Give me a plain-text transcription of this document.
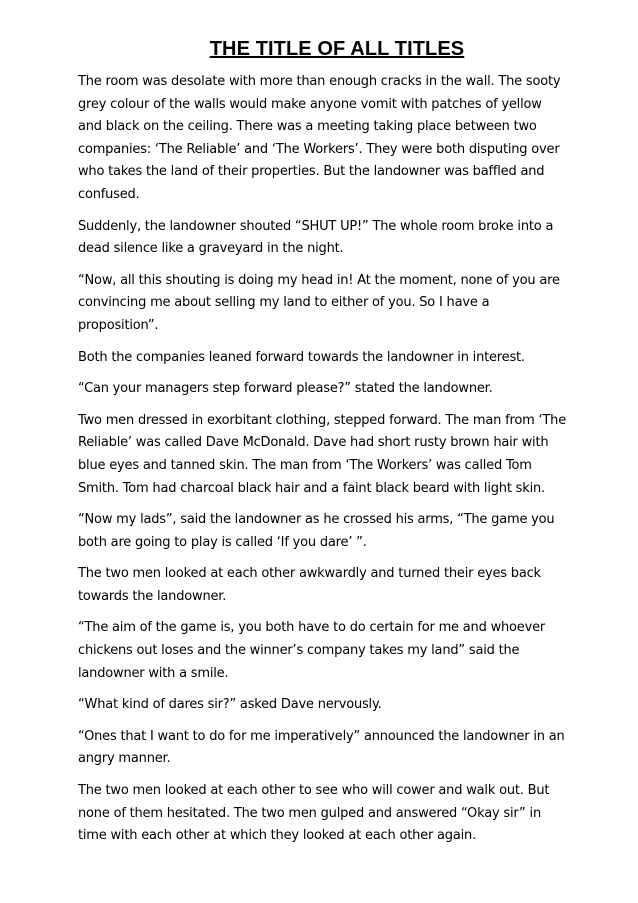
THE TITLE OF ALL TITLES

The room was desolate with more than enough cracks in the wall. The sooty grey colour of the walls would make anyone vomit with patches of yellow and black on the ceiling. There was a meeting taking place between two companies: ‘The Reliable’ and ‘The Workers’. They were both disputing over who takes the land of their properties. But the landowner was baffled and confused.

Suddenly, the landowner shouted “SHUT UP!” The whole room broke into a dead silence like a graveyard in the night.

“Now, all this shouting is doing my head in! At the moment, none of you are convincing me about selling my land to either of you. So I have a proposition”.

Both the companies leaned forward towards the landowner in interest.

“Can your managers step forward please?” stated the landowner.

Two men dressed in exorbitant clothing, stepped forward. The man from ‘The Reliable’ was called Dave McDonald. Dave had short rusty brown hair with blue eyes and tanned skin. The man from ‘The Workers’ was called Tom Smith. Tom had charcoal black hair and a faint black beard with light skin.

“Now my lads”, said the landowner as he crossed his arms, “The game you both are going to play is called ‘If you dare’ ”.

The two men looked at each other awkwardly and turned their eyes back towards the landowner.

“The aim of the game is, you both have to do certain for me and whoever chickens out loses and the winner’s company takes my land” said the landowner with a smile.

“What kind of dares sir?” asked Dave nervously.

“Ones that I want to do for me imperatively” announced the landowner in an angry manner.

The two men looked at each other to see who will cower and walk out. But none of them hesitated. The two men gulped and answered “Okay sir” in time with each other at which they looked at each other again.
